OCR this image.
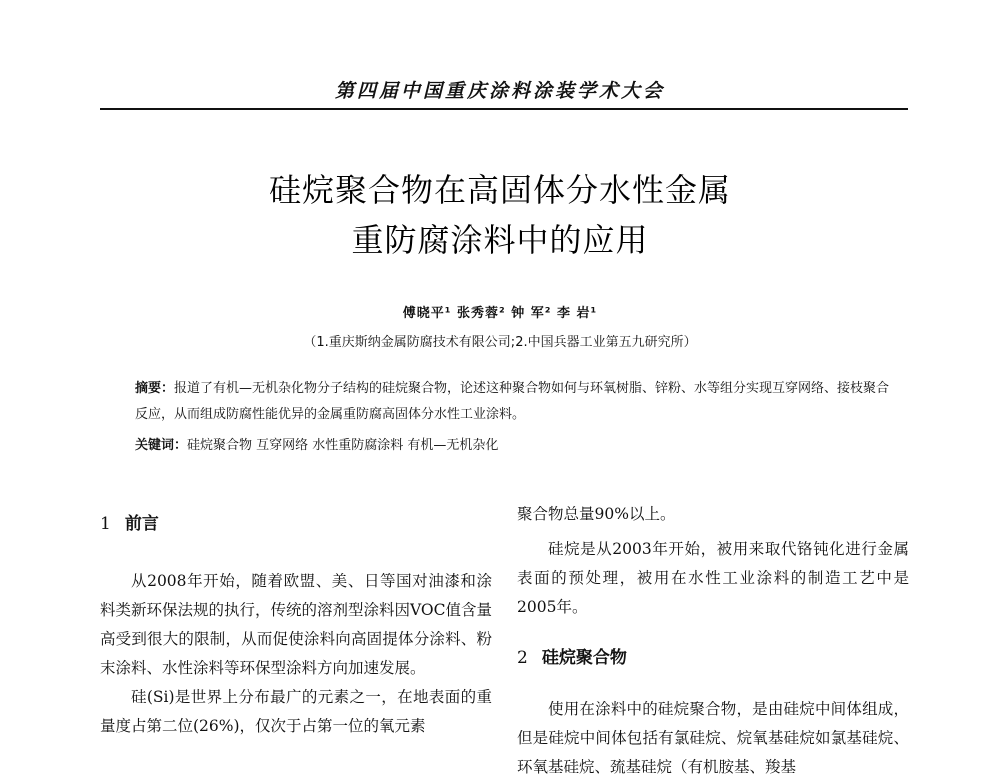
第四届中国重庆涂料涂装学术大会
硅烷聚合物在高固体分水性金属
重防腐涂料中的应用
傅晓平¹ 张秀蓉² 钟 军² 李 岩¹
（1.重庆斯纳金属防腐技术有限公司;2.中国兵器工业第五九研究所）
摘要：报道了有机—无机杂化物分子结构的硅烷聚合物，论述这种聚合物如何与环氧树脂、锌粉、水等组分实现互穿网络、接枝聚合反应，从而组成防腐性能优异的金属重防腐高固体分水性工业涂料。
关键词：硅烷聚合物 互穿网络 水性重防腐涂料 有机—无机杂化
1 前言

从2008年开始，随着欧盟、美、日等国对油漆和涂料类新环保法规的执行，传统的溶剂型涂料因VOC值含量高受到很大的限制，从而促使涂料向高固提体分涂料、粉末涂料、水性涂料等环保型涂料方向加速发展。

硅(Si)是世界上分布最广的元素之一，在地表面的重量度占第二位(26%)，仅次于占第一位的氧元素

聚合物总量90%以上。

硅烷是从2003年开始，被用来取代铬钝化进行金属表面的预处理，被用在水性工业涂料的制造工艺中是2005年。

2 硅烷聚合物

使用在涂料中的硅烷聚合物，是由硅烷中间体组成，但是硅烷中间体包括有氯硅烷、烷氧基硅烷如氯基硅烷、环氧基硅烷、巯基硅烷（有机胺基、羧基
